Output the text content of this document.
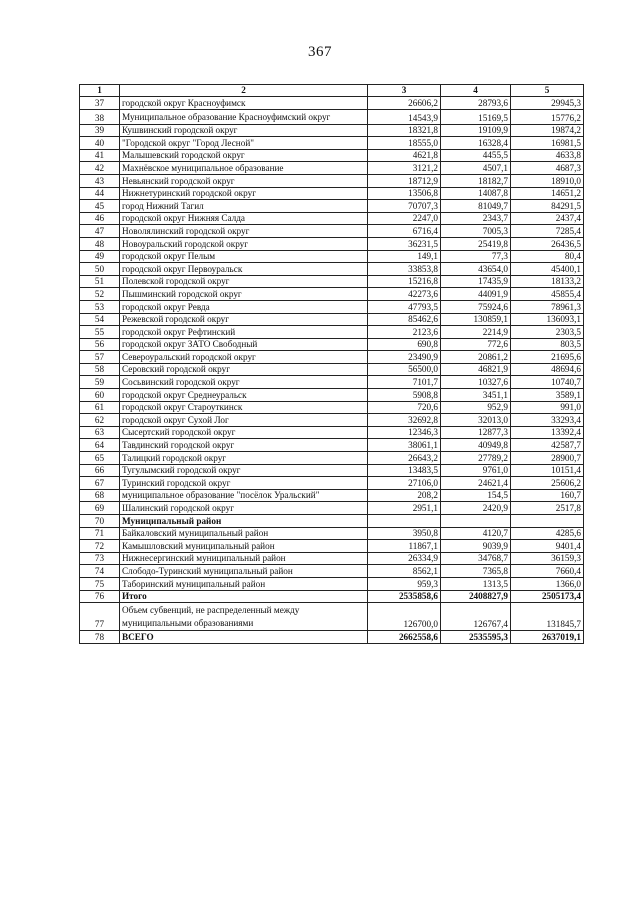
367
1	2	3	4	5
37	городской округ Красноуфимск	26606,2	28793,6	29945,3
38	Муниципальное образование Красноуфимский округ	14543,9	15169,5	15776,2
39	Кушвинский городской округ	18321,8	19109,9	19874,2
40	"Городской округ "Город Лесной"	18555,0	16328,4	16981,5
41	Малышевский городской округ	4621,8	4455,5	4633,8
42	Махнёвское муниципальное образование	3121,2	4507,1	4687,3
43	Невьянский городской округ	18712,9	18182,7	18910,0
44	Нижнетуринский городской округ	13506,8	14087,8	14651,2
45	город Нижний Тагил	70707,3	81049,7	84291,5
46	городской округ Нижняя Салда	2247,0	2343,7	2437,4
47	Новолялинский городской округ	6716,4	7005,3	7285,4
48	Новоуральский городской округ	36231,5	25419,8	26436,5
49	городской округ Пелым	149,1	77,3	80,4
50	городской округ Первоуральск	33853,8	43654,0	45400,1
51	Полевской городской округ	15216,8	17435,9	18133,2
52	Пышминский городской округ	42273,6	44091,9	45855,4
53	городской округ Ревда	47793,5	75924,6	78961,3
54	Режевской городской округ	85462,6	130859,1	136093,1
55	городской округ Рефтинский	2123,6	2214,9	2303,5
56	городской округ ЗАТО Свободный	690,8	772,6	803,5
57	Североуральский городской округ	23490,9	20861,2	21695,6
58	Серовский городской округ	56500,0	46821,9	48694,6
59	Сосьвинский городской округ	7101,7	10327,6	10740,7
60	городской округ Среднеуральск	5908,8	3451,1	3589,1
61	городской округ Староуткинск	720,6	952,9	991,0
62	городской округ Сухой Лог	32692,8	32013,0	33293,4
63	Сысертский городской округ	12346,3	12877,3	13392,4
64	Тавдинский городской округ	38061,1	40949,8	42587,7
65	Талицкий городской округ	26643,2	27789,2	28900,7
66	Тугулымский городской округ	13483,5	9761,0	10151,4
67	Туринский городской округ	27106,0	24621,4	25606,2
68	муниципальное образование "посёлок Уральский"	208,2	154,5	160,7
69	Шалинский городской округ	2951,1	2420,9	2517,8
70	Муниципальный район			
71	Байкаловский муниципальный район	3950,8	4120,7	4285,6
72	Камышловский муниципальный район	11867,1	9039,9	9401,4
73	Нижнесергинский муниципальный район	26334,9	34768,7	36159,3
74	Слободо-Туринский муниципальный район	8562,1	7365,8	7660,4
75	Таборинский муниципальный район	959,3	1313,5	1366,0
76	Итого	2535858,6	2408827,9	2505173,4
77	Объем субвенций, не распределенный между муниципальными образованиями	126700,0	126767,4	131845,7
78	ВСЕГО	2662558,6	2535595,3	2637019,1
